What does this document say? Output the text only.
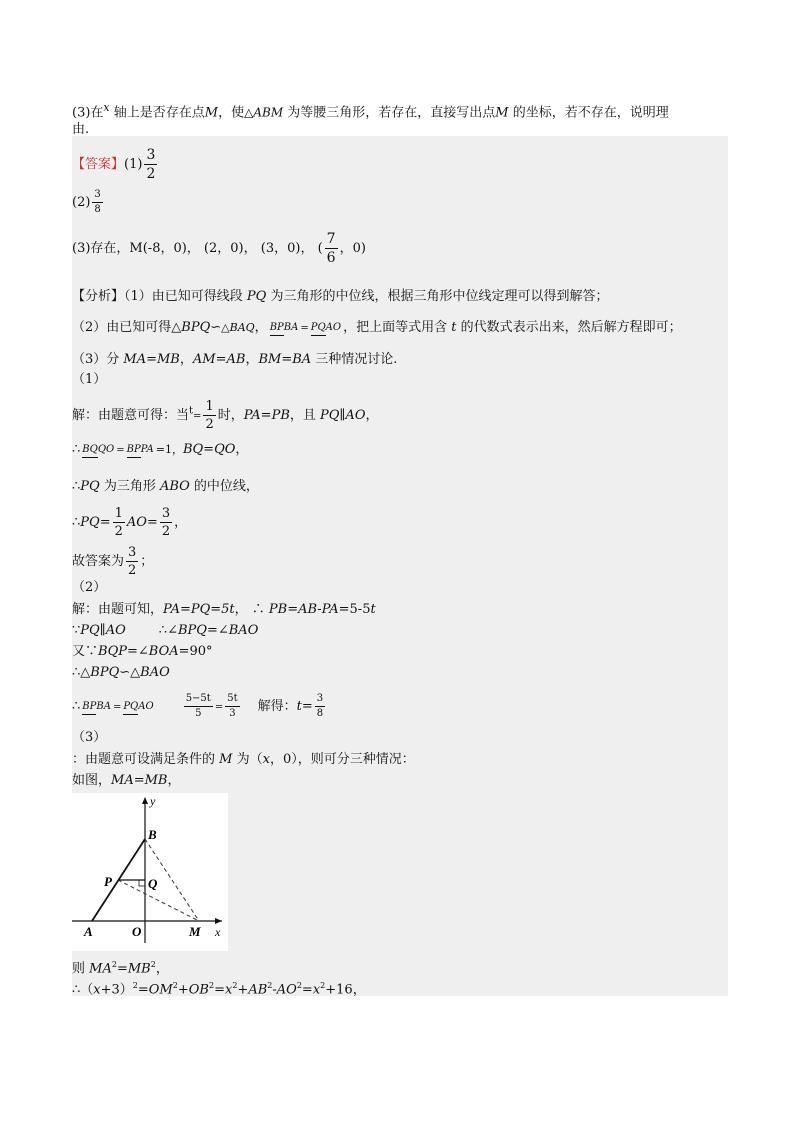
(3)在$^x$ 轴上是否存在点M，使△ABM 为等腰三角形，若存在，直接写出点M 的坐标，若不存在，说明理
由.
【答案】$(1) \frac{3}{2}$
$(2) \frac{3}{8}$
(3)存在，M(-8，0)， (2，0)， (3，0)， ( $\frac{7}{6}$ ，0)
【分析】（1）由已知可得线段 PQ 为三角形的中位线，根据三角形中位线定理可以得到解答；
（2）由已知可得△BPQ∽△BAQ， BPBA = PQAO ，把上面等式用含 t 的代数式表示出来，然后解方程即可；
（3）分 MA=MB，AM=AB，BM=BA 三种情况讨论.
（1）
解：由题意可得：当$^t= \frac{1}{2}$ 时，PA=PB，且 PQ∥AO，
∴ BQQO = BPPA =1，BQ=QO，
∴PQ 为三角形 ABO 的中位线，
∴PQ= $\frac{1}{2} AO= \frac{3}{2}$ ，
故答案为 $\frac{3}{2}$ ；
（2）
解：由题可知，PA=PQ=5t， ∴ PB=AB-PA=5-5t
∵PQ∥AO        ∴∠BPQ=∠BAO
又∵BQP=∠BOA=90°
∴△BPQ∽△BAO
∴ BPBA = PQAO	$\frac{5-5t}{5} = \frac{5t}{3}$ 解得：$t= \frac{3}{8}$
（3）
：由题意可设满足条件的 M 为（x，0），则可分三种情况：
如图，MA=MB，
y
B
P	Q
A	O	M x
则 $MA^2=MB^2$，
$\therefore(x+3)^2=OM^2+OB^2=x^2+AB^2-AO^2=x^2+16$，
